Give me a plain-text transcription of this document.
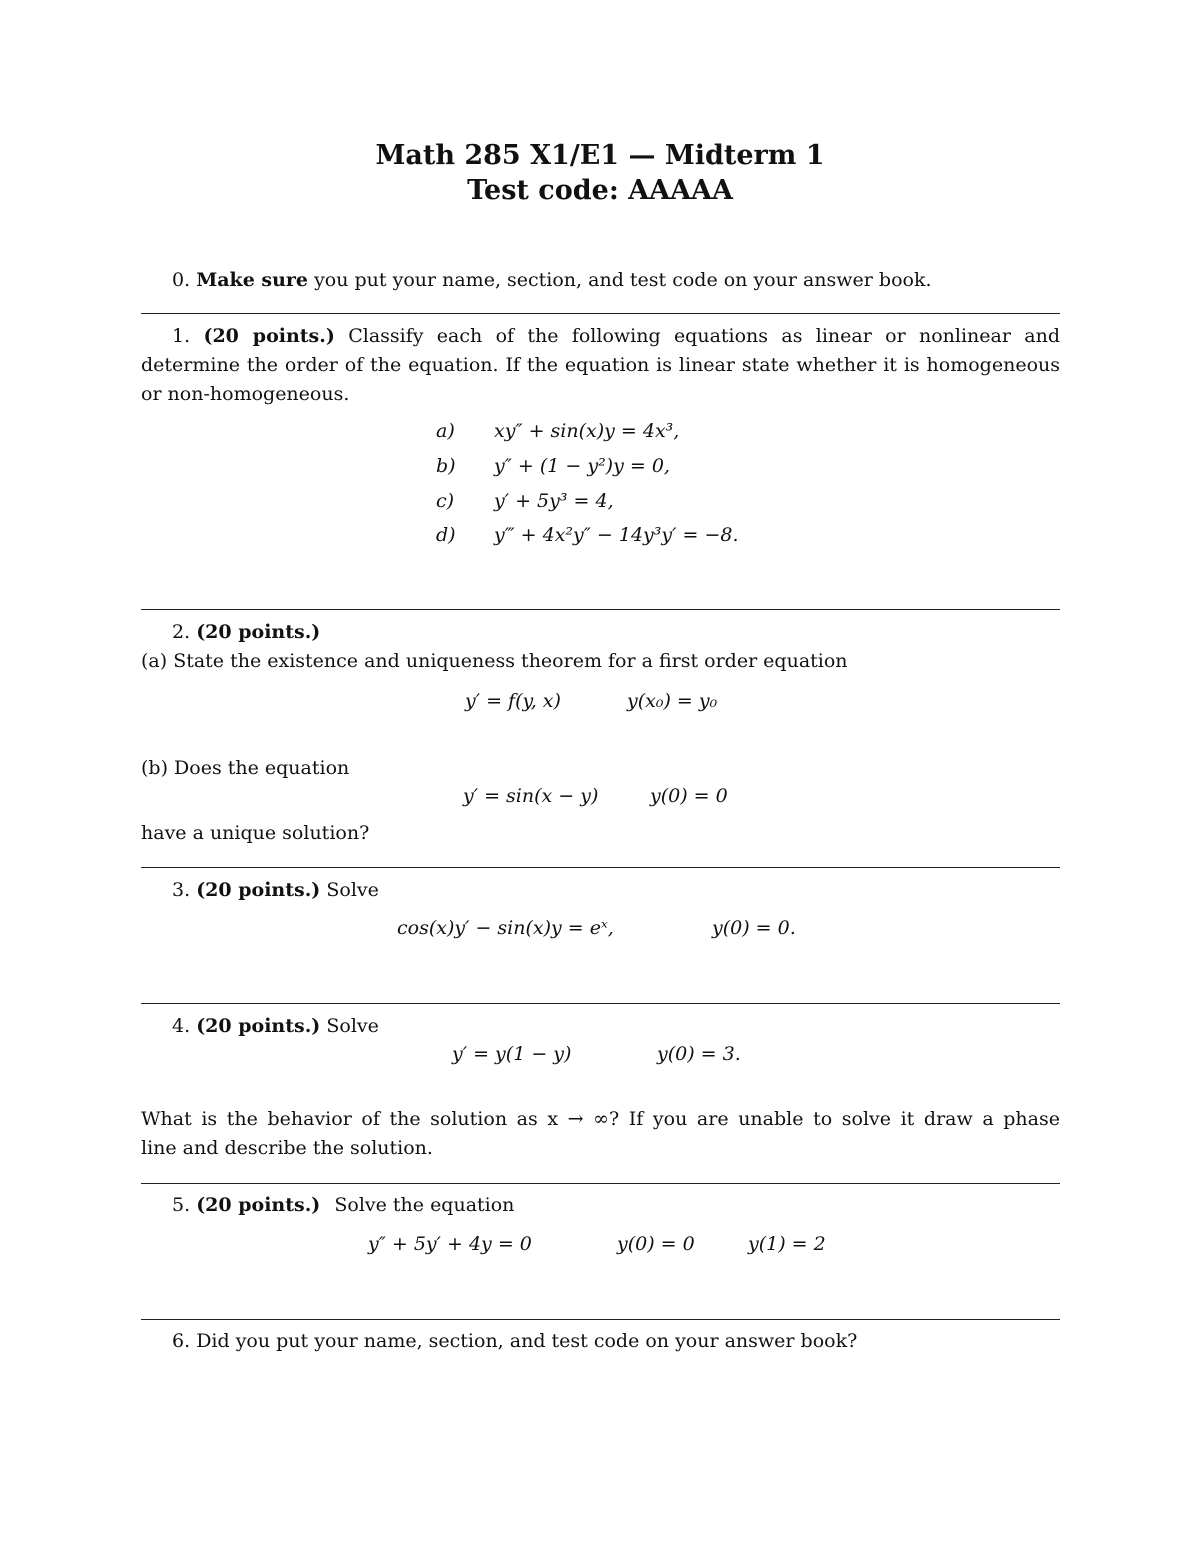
Math 285 X1/E1 — Midterm 1
Test code: AAAAA
0. Make sure you put your name, section, and test code on your answer book.
1. (20 points.) Classify each of the following equations as linear or nonlinear and
determine the order of the equation. If the equation is linear state whether it is homogeneous
or non-homogeneous.
a) xy″ + sin(x)y = 4x³,
b) y″ + (1 − y²)y = 0,
c) y′ + 5y³ = 4,
d) y‴ + 4x²y″ − 14y³y′ = −8.
2. (20 points.)
(a) State the existence and uniqueness theorem for a first order equation
y′ = f(y, x)	y(x₀) = y₀
(b) Does the equation
y′ = sin(x − y)	y(0) = 0
have a unique solution?
3. (20 points.) Solve
cos(x)y′ − sin(x)y = eˣ,	y(0) = 0.
4. (20 points.) Solve
y′ = y(1 − y)	y(0) = 3.
What is the behavior of the solution as x → ∞? If you are unable to solve it draw a phase
line and describe the solution.
5. (20 points.) Solve the equation
y″ + 5y′ + 4y = 0	y(0) = 0	y(1) = 2
6. Did you put your name, section, and test code on your answer book?
